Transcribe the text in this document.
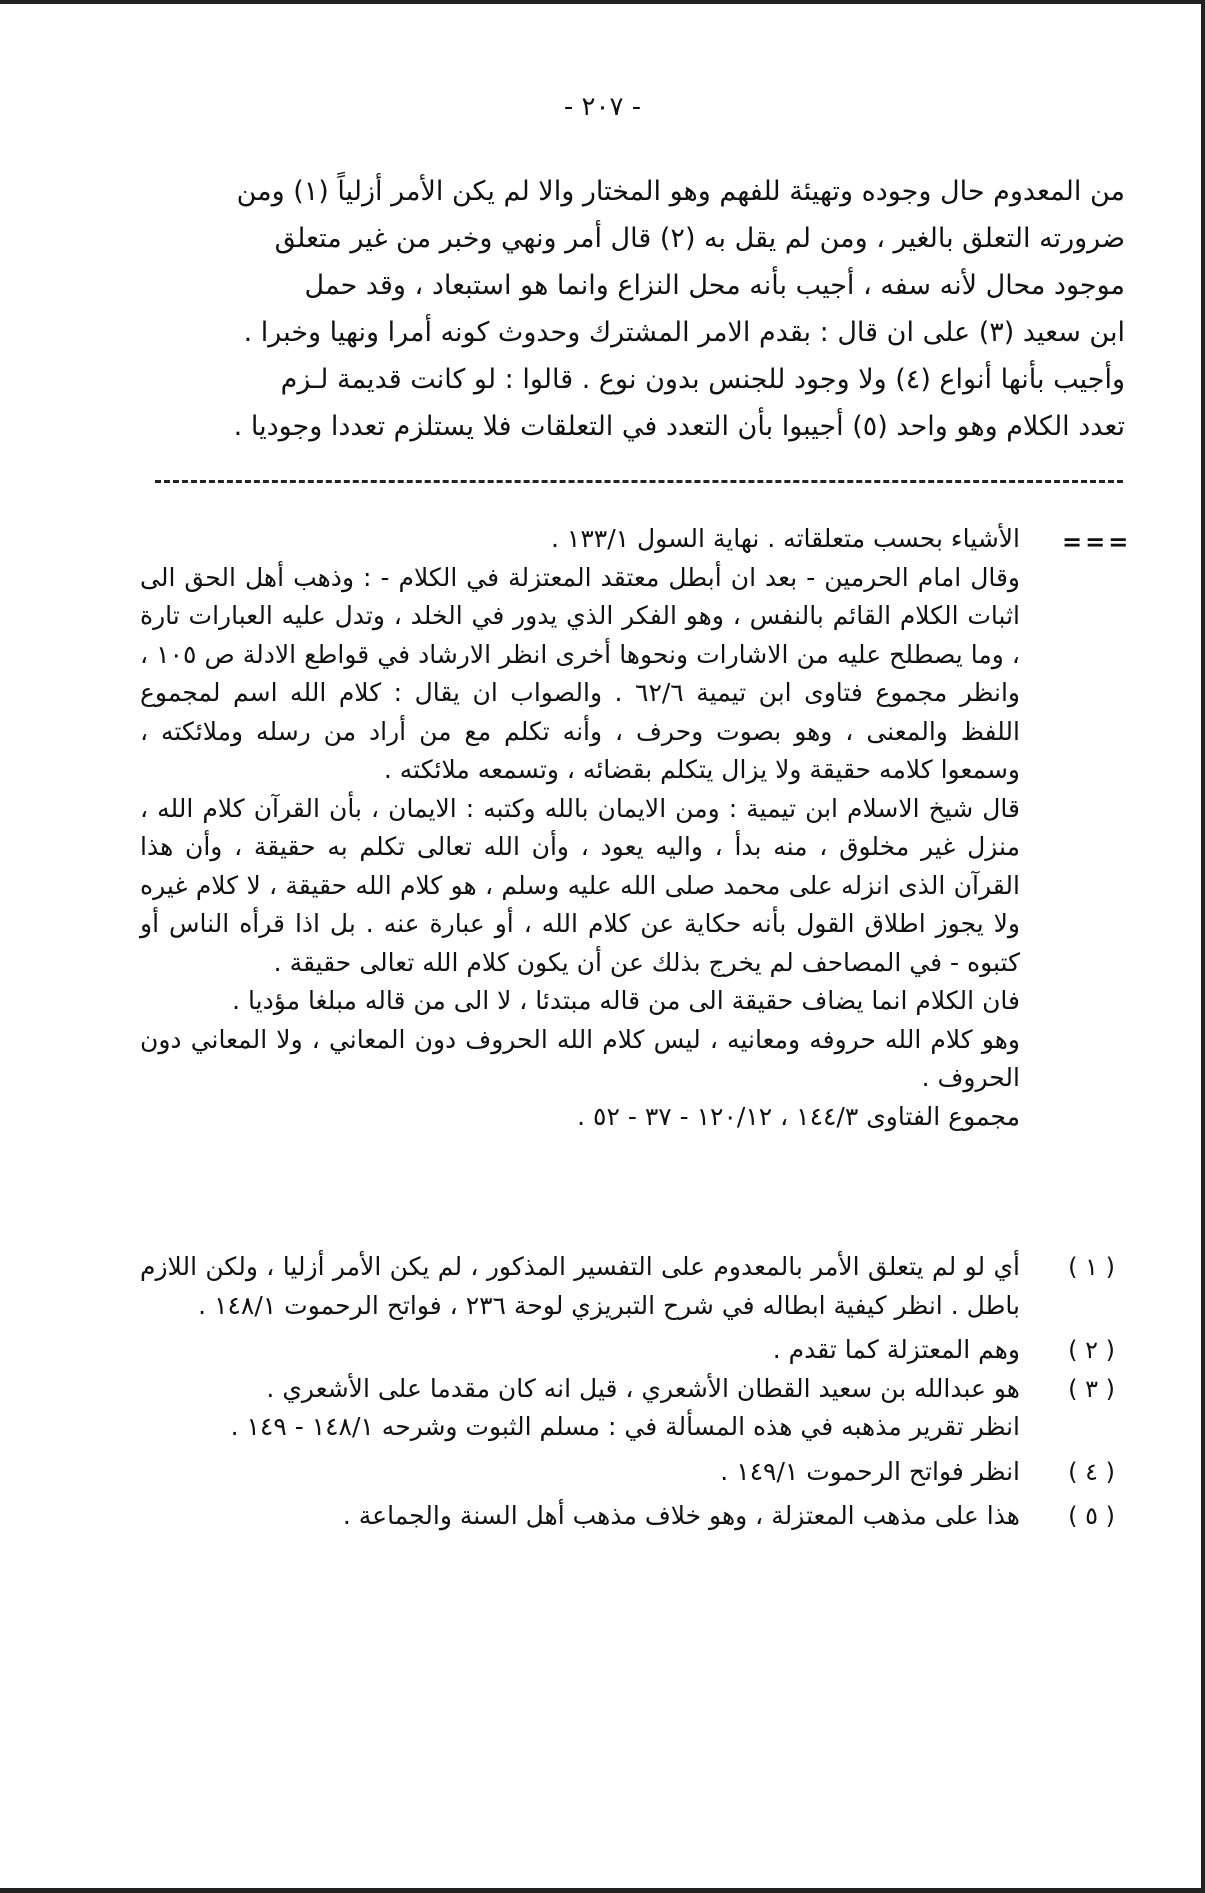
- ٢٠٧ -

من المعدوم حال وجوده وتهيئة للفهم وهو المختار والا لم يكن الأمر أزلياً (١) ومن

ضرورته التعلق بالغير ، ومن لم يقل به (٢) قال أمر ونهي وخبر من غير متعلق

موجود محال لأنه سفه ، أجيب بأنه محل النزاع وانما هو استبعاد ، وقد حمل

ابن سعيد (٣) على ان قال : بقدم الامر المشترك وحدوث كونه أمرا ونهيا وخبرا .

وأجيب بأنها أنواع (٤) ولا وجود للجنس بدون نوع . قالوا : لو كانت قديمة لـزم

تعدد الكلام وهو واحد (٥) أجيبوا بأن التعدد في التعلقات فلا يستلزم تعددا وجوديا .

===

الأشياء بحسب متعلقاته . نهاية السول ١٣٣/١ .

وقال امام الحرمين - بعد ان أبطل معتقد المعتزلة في الكلام - : وذهب أهل الحق الى اثبات الكلام القائم بالنفس ، وهو الفكر الذي يدور في الخلد ، وتدل عليه العبارات تارة ، وما يصطلح عليه من الاشارات ونحوها أخرى انظر الارشاد في قواطع الادلة ص ١٠٥ ، وانظر مجموع فتاوى ابن تيمية ٦٢/٦ . والصواب ان يقال : كلام الله اسم لمجموع اللفظ والمعنى ، وهو بصوت وحرف ، وأنه تكلم مع من أراد من رسله وملائكته ، وسمعوا كلامه حقيقة ولا يزال يتكلم بقضائه ، وتسمعه ملائكته .

قال شيخ الاسلام ابن تيمية : ومن الايمان بالله وكتبه : الايمان ، بأن القرآن كلام الله ، منزل غير مخلوق ، منه بدأ ، واليه يعود ، وأن الله تعالى تكلم به حقيقة ، وأن هذا القرآن الذى انزله على محمد صلى الله عليه وسلم ، هو كلام الله حقيقة ، لا كلام غيره ولا يجوز اطلاق القول بأنه حكاية عن كلام الله ، أو عبارة عنه . بل اذا قرأه الناس أو كتبوه - في المصاحف لم يخرج بذلك عن أن يكون كلام الله تعالى حقيقة .

فان الكلام انما يضاف حقيقة الى من قاله مبتدئا ، لا الى من قاله مبلغا مؤديا .

وهو كلام الله حروفه ومعانيه ، ليس كلام الله الحروف دون المعاني ، ولا المعاني دون الحروف .

مجموع الفتاوى ١٤٤/٣ ، ١٢٠/١٢ - ٣٧ - ٥٢ .

( ١ )

أي لو لم يتعلق الأمر بالمعدوم على التفسير المذكور ، لم يكن الأمر أزليا ، ولكن اللازم باطل . انظر كيفية ابطاله في شرح التبريزي لوحة ٢٣٦ ، فواتح الرحموت ١٤٨/١ .

( ٢ )

وهم المعتزلة كما تقدم .

( ٣ )

هو عبدالله بن سعيد القطان الأشعري ، قيل انه كان مقدما على الأشعري .

انظر تقرير مذهبه في هذه المسألة في : مسلم الثبوت وشرحه ١٤٨/١ - ١٤٩ .

( ٤ )

انظر فواتح الرحموت ١٤٩/١ .

( ٥ )

هذا على مذهب المعتزلة ، وهو خلاف مذهب أهل السنة والجماعة .
